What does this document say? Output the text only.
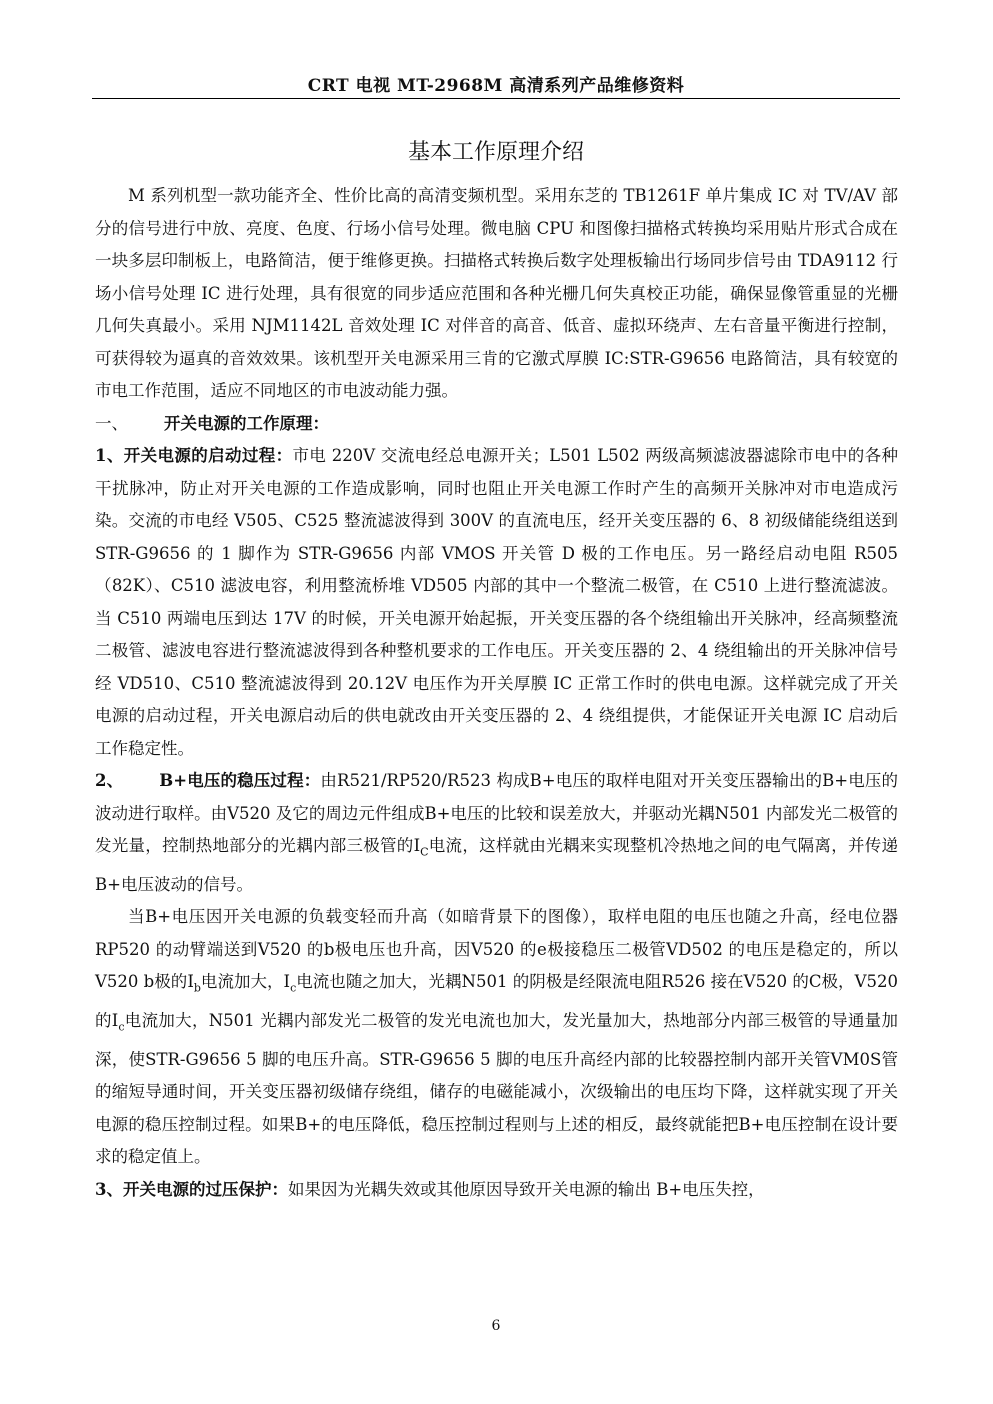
CRT 电视 MT-2968M 高清系列产品维修资料
基本工作原理介绍

M 系列机型一款功能齐全、性价比高的高清变频机型。采用东芝的 TB1261F 单片集成 IC 对 TV/AV 部分的信号进行中放、亮度、色度、行场小信号处理。微电脑 CPU 和图像扫描格式转换均采用贴片形式合成在一块多层印制板上，电路简洁，便于维修更换。扫描格式转换后数字处理板输出行场同步信号由 TDA9112 行场小信号处理 IC 进行处理，具有很宽的同步适应范围和各种光栅几何失真校正功能，确保显像管重显的光栅几何失真最小。采用 NJM1142L 音效处理 IC 对伴音的高音、低音、虚拟环绕声、左右音量平衡进行控制，可获得较为逼真的音效效果。该机型开关电源采用三肯的它激式厚膜 IC:STR-G9656 电路简洁，具有较宽的市电工作范围，适应不同地区的市电波动能力强。

一、 开关电源的工作原理：

1、开关电源的启动过程：市电 220V 交流电经总电源开关；L501 L502 两级高频滤波器滤除市电中的各种干扰脉冲，防止对开关电源的工作造成影响，同时也阻止开关电源工作时产生的高频开关脉冲对市电造成污染。交流的市电经 V505、C525 整流滤波得到 300V 的直流电压，经开关变压器的 6、8 初级储能绕组送到 STR-G9656 的 1 脚作为 STR-G9656 内部 VMOS 开关管 D 极的工作电压。另一路经启动电阻 R505（82K）、C510 滤波电容，利用整流桥堆 VD505 内部的其中一个整流二极管，在 C510 上进行整流滤波。当 C510 两端电压到达 17V 的时候，开关电源开始起振，开关变压器的各个绕组输出开关脉冲，经高频整流二极管、滤波电容进行整流滤波得到各种整机要求的工作电压。开关变压器的 2、4 绕组输出的开关脉冲信号经 VD510、C510 整流滤波得到 20.12V 电压作为开关厚膜 IC 正常工作时的供电电源。这样就完成了开关电源的启动过程，开关电源启动后的供电就改由开关变压器的 2、4 绕组提供，才能保证开关电源 IC 启动后工作稳定性。

2、 B+电压的稳压过程：由R521/RP520/R523 构成B+电压的取样电阻对开关变压器输出的B+电压的波动进行取样。由V520 及它的周边元件组成B+电压的比较和误差放大，并驱动光耦N501 内部发光二极管的发光量，控制热地部分的光耦内部三极管的$I_C$电流，这样就由光耦来实现整机冷热地之间的电气隔离，并传递B+电压波动的信号。

当B+电压因开关电源的负载变轻而升高（如暗背景下的图像），取样电阻的电压也随之升高，经电位器RP520 的动臂端送到V520 的b极电压也升高，因V520 的e极接稳压二极管VD502 的电压是稳定的，所以V520 b极的$I_b$电流加大，$I_c$电流也随之加大，光耦N501 的阴极是经限流电阻R526 接在V520 的C极，V520 的$I_c$电流加大，N501 光耦内部发光二极管的发光电流也加大，发光量加大，热地部分内部三极管的导通量加深，使STR-G9656 5 脚的电压升高。STR-G9656 5 脚的电压升高经内部的比较器控制内部开关管VM0S管的缩短导通时间，开关变压器初级储存绕组，储存的电磁能减小，次级输出的电压均下降，这样就实现了开关电源的稳压控制过程。如果B+的电压降低，稳压控制过程则与上述的相反，最终就能把B+电压控制在设计要求的稳定值上。

3、开关电源的过压保护：如果因为光耦失效或其他原因导致开关电源的输出 B+电压失控，

6
